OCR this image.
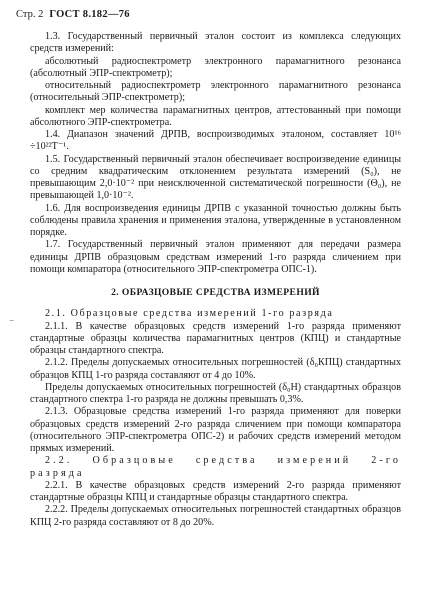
Стр. 2 ГОСТ 8.182—76
⁻

1.3. Государственный первичный эталон состоит из комплекса следующих средств измерений:

абсолютный радиоспектрометр электронного парамагнитного резонанса (абсолютный ЭПР-спектрометр);

относительный радиоспектрометр электронного парамагнитного резонанса (относительный ЭПР-спектрометр);

комплект мер количества парамагнитных центров, аттестованный при помощи абсолютного ЭПР-спектрометра.

1.4. Диапазон значений ДРПВ, воспроизводимых эталоном, составляет 10¹⁶ ÷10²²Т⁻¹.

1.5. Государственный первичный эталон обеспечивает воспроизведение единицы со средним квадратическим отклонением результата измерений (S₀), не превышающим 2,0·10⁻² при неисключенной систематической погрешности (Θ₀), не превышающей 1,0·10⁻².

1.6. Для воспроизведения единицы ДРПВ с указанной точностью должны быть соблюдены правила хранения и применения эталона, утвержденные в установленном порядке.

1.7. Государственный первичный эталон применяют для передачи размера единицы ДРПВ образцовым средствам измерений 1-го разряда сличением при помощи компаратора (относительного ЭПР-спектрометра ОПС-1).

2. ОБРАЗЦОВЫЕ СРЕДСТВА ИЗМЕРЕНИЙ

2.1. Образцовые средства измерений 1-го разряда

2.1.1. В качестве образцовых средств измерений 1-го разряда применяют стандартные образцы количества парамагнитных центров (КПЦ) и стандартные образцы стандартного спектра.

2.1.2. Пределы допускаемых относительных погрешностей (δ₀КПЦ) стандартных образцов КПЦ 1-го разряда составляют от 4 до 10%.

Пределы допускаемых относительных погрешностей (δ₀Н) стандартных образцов стандартного спектра 1-го разряда не должны превышать 0,3%.

2.1.3. Образцовые средства измерений 1-го разряда применяют для поверки образцовых средств измерений 2-го разряда сличением при помощи компаратора (относительного ЭПР-спектрометра ОПС-2) и рабочих средств измерений методом прямых измерений.

2.2. Образцовые средства измерений 2-го разряда

2.2.1. В качестве образцовых средств измерений 2-го разряда применяют стандартные образцы КПЦ и стандартные образцы стандартного спектра.

2.2.2. Пределы допускаемых относительных погрешностей стандартных образцов КПЦ 2-го разряда составляют от 8 до 20%.
